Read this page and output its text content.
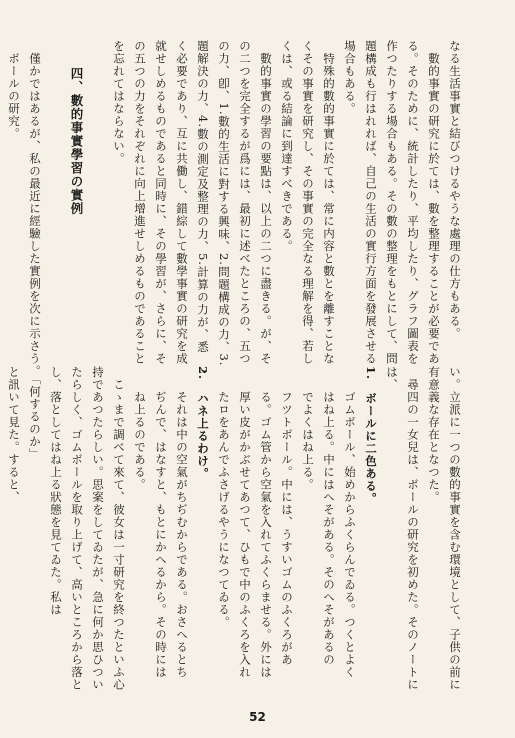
なる生活事實と結びつけるやうな處理の仕方もある。
　數的事實の研究に於ては、數を整理することが必要であ
る。そのために、統計したり、平均したり、グラフ圖表を
作つたりする場合もある。その數の整理をもとにして、問
題構成も行はれれば、自己の生活の實行方面を發展させる
場合もある。
　特殊的數的事實に於ては、常に内容と數とを離すことな
くその事實を研究し、その事實の完全なる理解を得、若し
くは、或る結論に到達すべきである。
　數的事實の學習の要點は、以上の二つに盡きる。が、そ
の二つを完全するが爲には、最初に述べたところの、五つ
の力、卽、1.數的生活に對する興味、2.問題構成の力、3.
題解決の力、4.數の測定及整理の力、5.計算の力が、悉
く必要であり、互に共働し、錯綜して數學事實の研究を成
就せしめるものであると同時に、その學習が、さらに、そ
の五つの力をそれぞれに向上增進せしめるものであること
を忘れてはならない。
　　四、數的事實學習の實例
　僅かではあるが、私の最近に經驗した實例を次に示さう。
　ボールの研究。
い。立派に一つの數的事實を含む環境として、子供の前に
有意義な存在となつた。
　尋四の一女兒は、ボールの研究を初めた。そのノートに
は、
1.　ボールに二色ある。
　　ゴムボール、始めからふくらんでゐる。つくとよく
　　はね上る。中にはへそがある。そのへそがあるの
　　でよくはね上る。
　　フツトボール。中には、うすいゴムのふくろがあ
　　る。ゴム管から空氣を入れてふくらませる。外には
　　厚い皮がかぶせてあつて、ひもで中のふくろを入れ
　　たロをあんでふさげるやうになつてゐる。
2.　ハネ上るわけ。
　　それは中の空氣がちぢむからである。おさへるとち
　　ぢんで、はなすと、もとにかへるから。その時には
　　ね上るのである。
　こゝまで調べて來て、彼女は一寸研究を終つたといふ心
持であつたらしい。思案をしてゐたが、急に何か思ひつい
たらしく、ゴムボールを取り上げて、高いところから落と
し、落としてはね上る狀態を見てゐた。私は
　「何するのか」
と訊いて見た。すると、
52
